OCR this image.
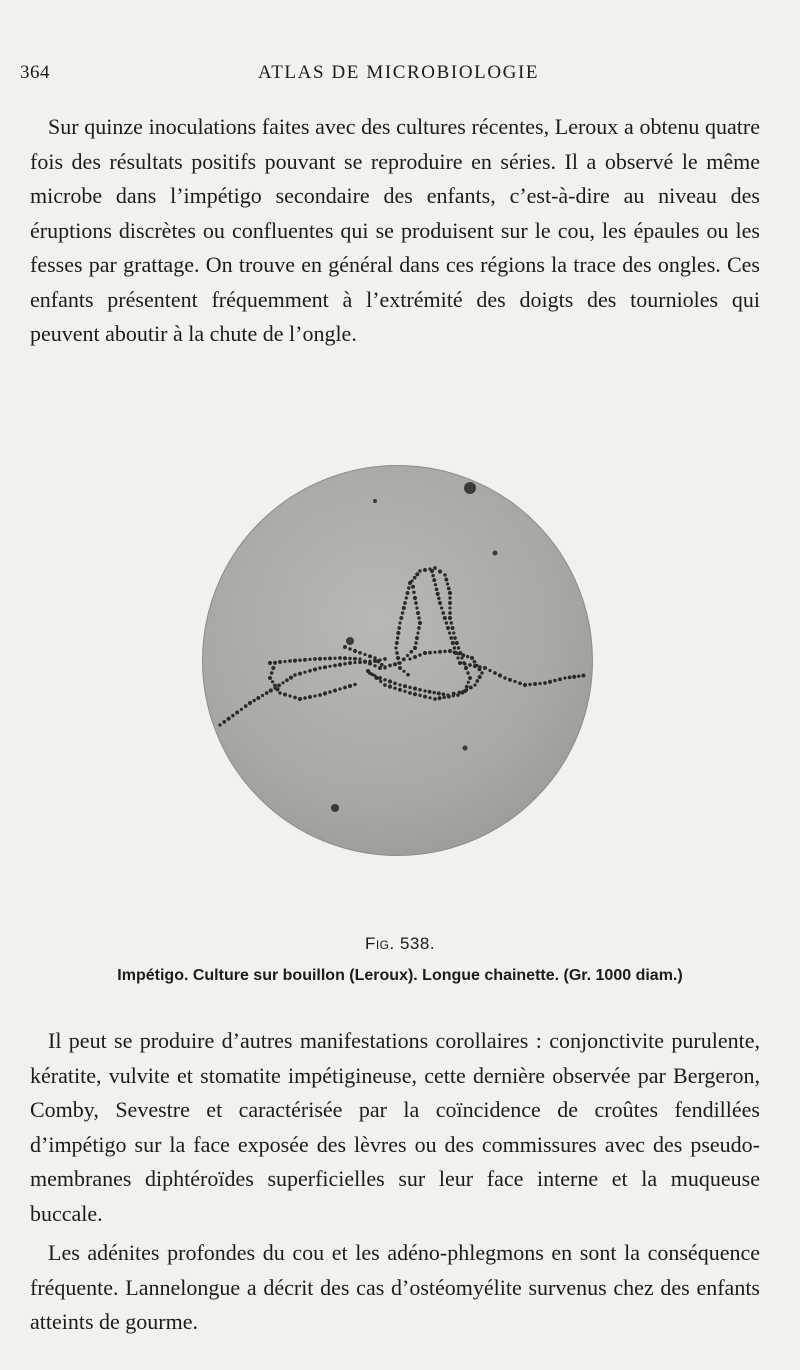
364	ATLAS DE MICROBIOLOGIE

Sur quinze inoculations faites avec des cultures récentes, Leroux a obtenu quatre fois des résultats positifs pouvant se reproduire en séries. Il a observé le même microbe dans l’impétigo secondaire des enfants, c’est-à-dire au niveau des éruptions discrètes ou confluentes qui se produisent sur le cou, les épaules ou les fesses par grattage. On trouve en général dans ces régions la trace des ongles. Ces enfants présentent fréquemment à l’extrémité des doigts des tournioles qui peuvent aboutir à la chute de l’ongle.

Fig. 538.
Impétigo. Culture sur bouillon (Leroux). Longue chainette. (Gr. 1000 diam.)

Il peut se produire d’autres manifestations corollaires : conjonctivite purulente, kératite, vulvite et stomatite impétigineuse, cette dernière observée par Bergeron, Comby, Sevestre et caractérisée par la coïncidence de croûtes fendillées d’impétigo sur la face exposée des lèvres ou des commissures avec des pseudo-membranes diphtéroïdes superficielles sur leur face interne et la muqueuse buccale.

Les adénites profondes du cou et les adéno-phlegmons en sont la conséquence fréquente. Lannelongue a décrit des cas d’ostéomyélite survenus chez des enfants atteints de gourme.
